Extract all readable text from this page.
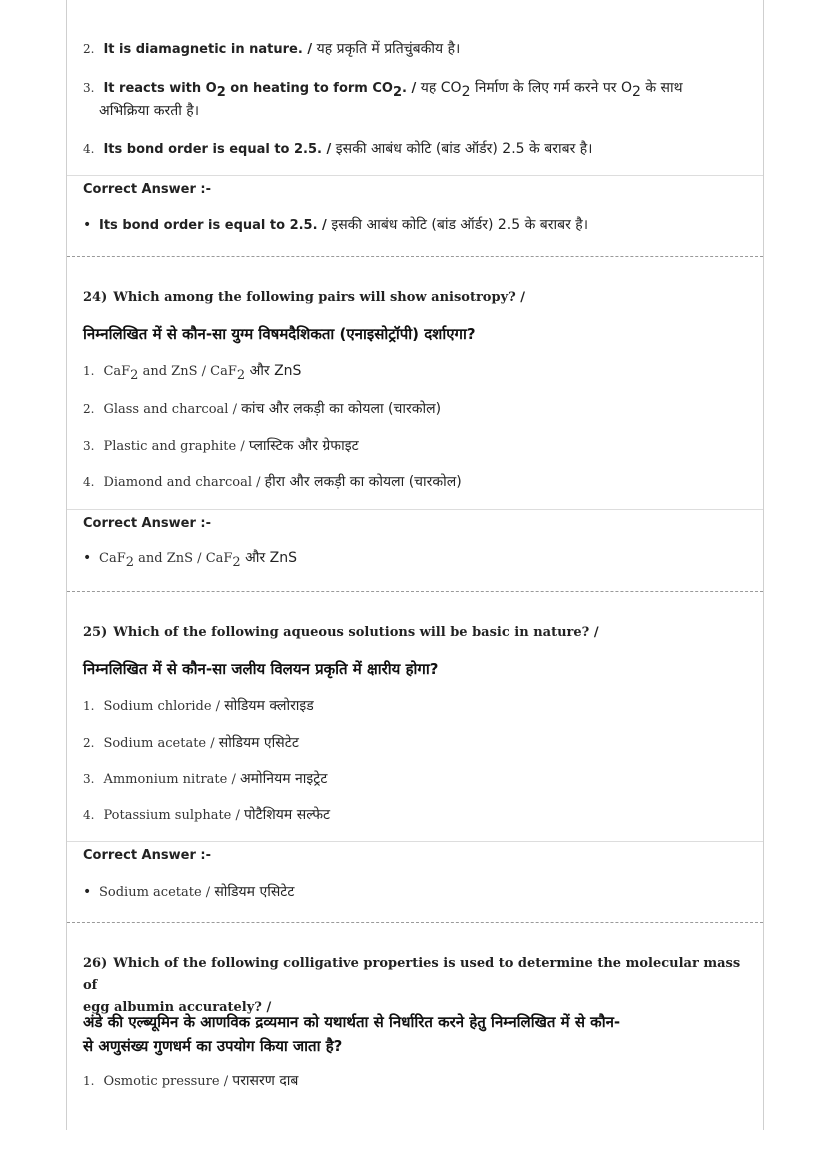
2. It is diamagnetic in nature. / यह प्रकृति में प्रतिचुंबकीय है।
3. It reacts with $O_2$ on heating to form $CO_2$. / यह $CO_2$ निर्माण के लिए गर्म करने पर $O_2$ के साथ
अभिक्रिया करती है।
4. Its bond order is equal to 2.5. / इसकी आबंध कोटि (बांड ऑर्डर) 2.5 के बराबर है।
Correct Answer :-
• Its bond order is equal to 2.5. / इसकी आबंध कोटि (बांड ऑर्डर) 2.5 के बराबर है।
24) Which among the following pairs will show anisotropy? /
निम्नलिखित में से कौन-सा युग्म विषमदैशिकता (एनाइसोट्रॉपी) दर्शाएगा?
1. CaF$_2$ and ZnS / CaF$_2$ और ZnS
2. Glass and charcoal / कांच और लकड़ी का कोयला (चारकोल)
3. Plastic and graphite / प्लास्टिक और ग्रेफाइट
4. Diamond and charcoal / हीरा और लकड़ी का कोयला (चारकोल)
Correct Answer :-
• CaF$_2$ and ZnS / CaF$_2$ और ZnS
25) Which of the following aqueous solutions will be basic in nature? /
निम्नलिखित में से कौन-सा जलीय विलयन प्रकृति में क्षारीय होगा?
1. Sodium chloride / सोडियम क्लोराइड
2. Sodium acetate / सोडियम एसिटेट
3. Ammonium nitrate / अमोनियम नाइट्रेट
4. Potassium sulphate / पोटैशियम सल्फेट
Correct Answer :-
• Sodium acetate / सोडियम एसिटेट
26) Which of the following colligative properties is used to determine the molecular mass of
egg albumin accurately? /
अंडे की एल्ब्यूमिन के आणविक द्रव्यमान को यथार्थता से निर्धारित करने हेतु निम्नलिखित में से कौन-
से अणुसंख्य गुणधर्म का उपयोग किया जाता है?
1. Osmotic pressure / परासरण दाब
